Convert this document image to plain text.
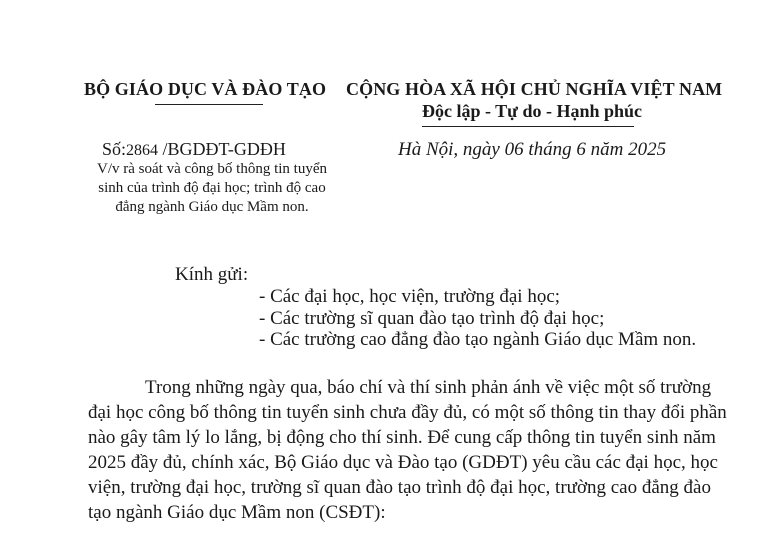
BỘ GIÁO DỤC VÀ ĐÀO TẠO CỘNG HÒA XÃ HỘI CHỦ NGHĨA VIỆT NAM
Độc lập - Tự do - Hạnh phúc
Số:2864 /BGDĐT-GDĐH
V/v rà soát và công bố thông tin tuyển
sinh của trình độ đại học; trình độ cao
đẳng ngành Giáo dục Mầm non.
Hà Nội, ngày 06 tháng 6 năm 2025
Kính gửi:
- Các đại học, học viện, trường đại học;
- Các trường sĩ quan đào tạo trình độ đại học;
- Các trường cao đẳng đào tạo ngành Giáo dục Mầm non.
Trong những ngày qua, báo chí và thí sinh phản ánh về việc một số trường
đại học công bố thông tin tuyển sinh chưa đầy đủ, có một số thông tin thay đổi phần
nào gây tâm lý lo lắng, bị động cho thí sinh. Để cung cấp thông tin tuyển sinh năm
2025 đầy đủ, chính xác, Bộ Giáo dục và Đào tạo (GDĐT) yêu cầu các đại học, học
viện, trường đại học, trường sĩ quan đào tạo trình độ đại học, trường cao đẳng đào
tạo ngành Giáo dục Mầm non (CSĐT):
